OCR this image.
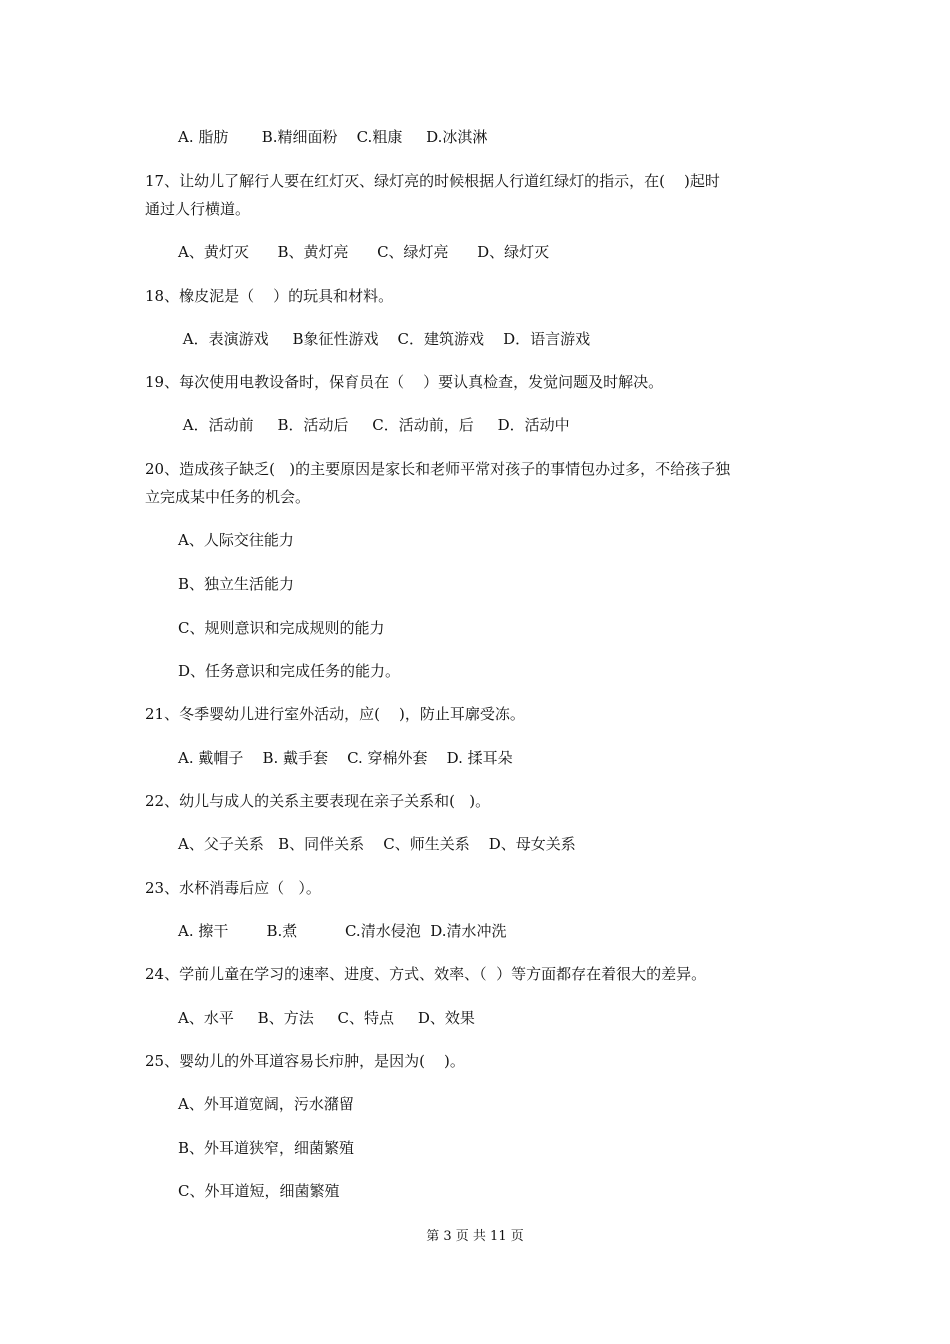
A. 脂肪       B.精细面粉    C.粗康     D.冰淇淋

17、让幼儿了解行人要在红灯灭、绿灯亮的时候根据人行道红绿灯的指示，在(    )起时

通过人行横道。

A、黄灯灭      B、黄灯亮      C、绿灯亮      D、绿灯灭

18、橡皮泥是（    ）的玩具和材料。

A．表演游戏     B象征性游戏    C．建筑游戏    D．语言游戏

19、每次使用电教设备时，保育员在（    ）要认真检查，发觉问题及时解决。

A．活动前     B．活动后     C．活动前，后     D．活动中

20、造成孩子缺乏(   )的主要原因是家长和老师平常对孩子的事情包办过多，不给孩子独

立完成某中任务的机会。

A、人际交往能力

B、独立生活能力

C、规则意识和完成规则的能力

D、任务意识和完成任务的能力。

21、冬季婴幼儿进行室外活动，应(    )，防止耳廓受冻。

A. 戴帽子    B. 戴手套    C. 穿棉外套    D. 揉耳朵

22、幼儿与成人的关系主要表现在亲子关系和(   )。

A、父子关系   B、同伴关系    C、师生关系    D、母女关系

23、水杯消毒后应（   ）。

A. 擦干        B.煮          C.清水侵泡  D.清水冲洗

24、学前儿童在学习的速率、进度、方式、效率、（  ）等方面都存在着很大的差异。

A、水平     B、方法     C、特点     D、效果

25、婴幼儿的外耳道容易长疖肿，是因为(    )。

A、外耳道宽阔，污水潴留

B、外耳道狭窄，细菌繁殖

C、外耳道短，细菌繁殖

第 3 页 共 11 页
